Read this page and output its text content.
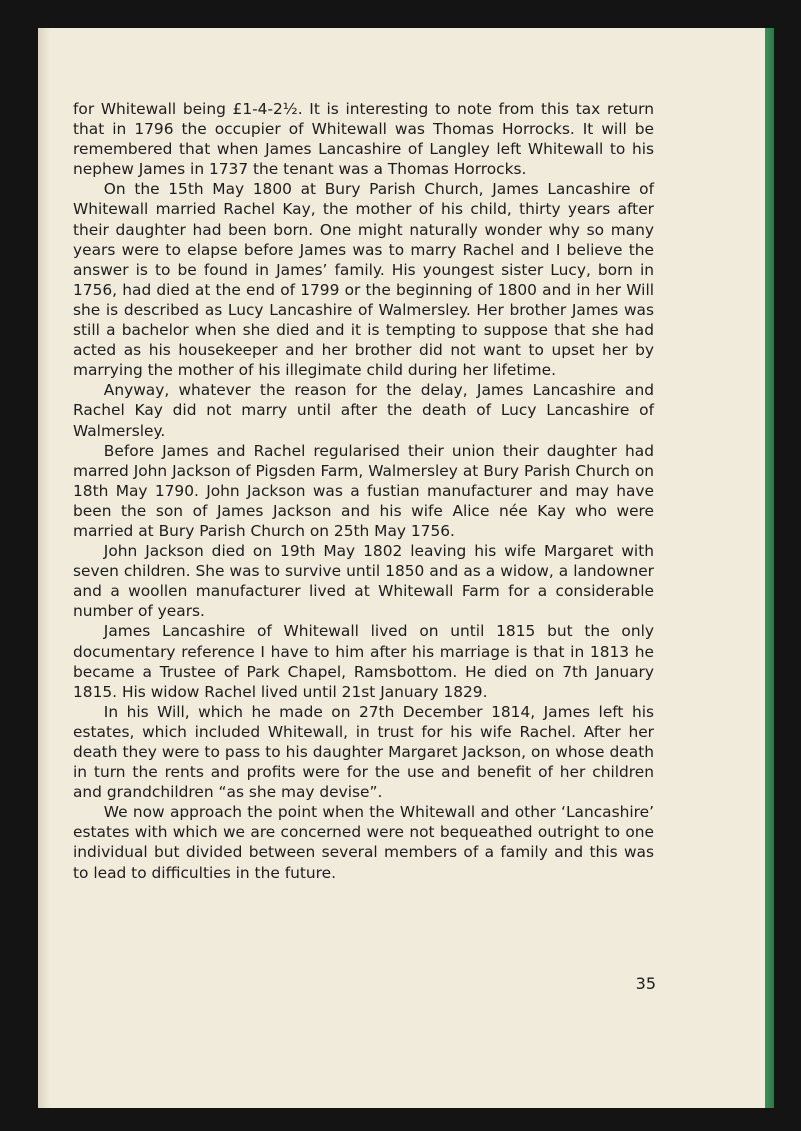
for Whitewall being £1-4-2½. It is interesting to note from this tax return that in 1796 the occupier of Whitewall was Thomas Horrocks. It will be remembered that when James Lancashire of Langley left Whitewall to his nephew James in 1737 the tenant was a Thomas Horrocks.

On the 15th May 1800 at Bury Parish Church, James Lancashire of Whitewall married Rachel Kay, the mother of his child, thirty years after their daughter had been born. One might naturally wonder why so many years were to elapse before James was to marry Rachel and I believe the answer is to be found in James’ family. His youngest sister Lucy, born in 1756, had died at the end of 1799 or the beginning of 1800 and in her Will she is described as Lucy Lancashire of Walmersley. Her brother James was still a bachelor when she died and it is tempting to suppose that she had acted as his housekeeper and her brother did not want to upset her by marrying the mother of his illegimate child during her lifetime.

Anyway, whatever the reason for the delay, James Lancashire and Rachel Kay did not marry until after the death of Lucy Lancashire of Walmersley.

Before James and Rachel regularised their union their daughter had marred John Jackson of Pigsden Farm, Walmersley at Bury Parish Church on 18th May 1790. John Jackson was a fustian manufacturer and may have been the son of James Jackson and his wife Alice née Kay who were married at Bury Parish Church on 25th May 1756.

John Jackson died on 19th May 1802 leaving his wife Margaret with seven children. She was to survive until 1850 and as a widow, a landowner and a woollen manufacturer lived at Whitewall Farm for a considerable number of years.

James Lancashire of Whitewall lived on until 1815 but the only documentary reference I have to him after his marriage is that in 1813 he became a Trustee of Park Chapel, Ramsbottom. He died on 7th January 1815. His widow Rachel lived until 21st January 1829.

In his Will, which he made on 27th December 1814, James left his estates, which included Whitewall, in trust for his wife Rachel. After her death they were to pass to his daughter Margaret Jackson, on whose death in turn the rents and profits were for the use and benefit of her children and grandchildren “as she may devise”.

We now approach the point when the Whitewall and other ‘Lancashire’ estates with which we are concerned were not bequeathed outright to one individual but divided between several members of a family and this was to lead to difficulties in the future.

35
